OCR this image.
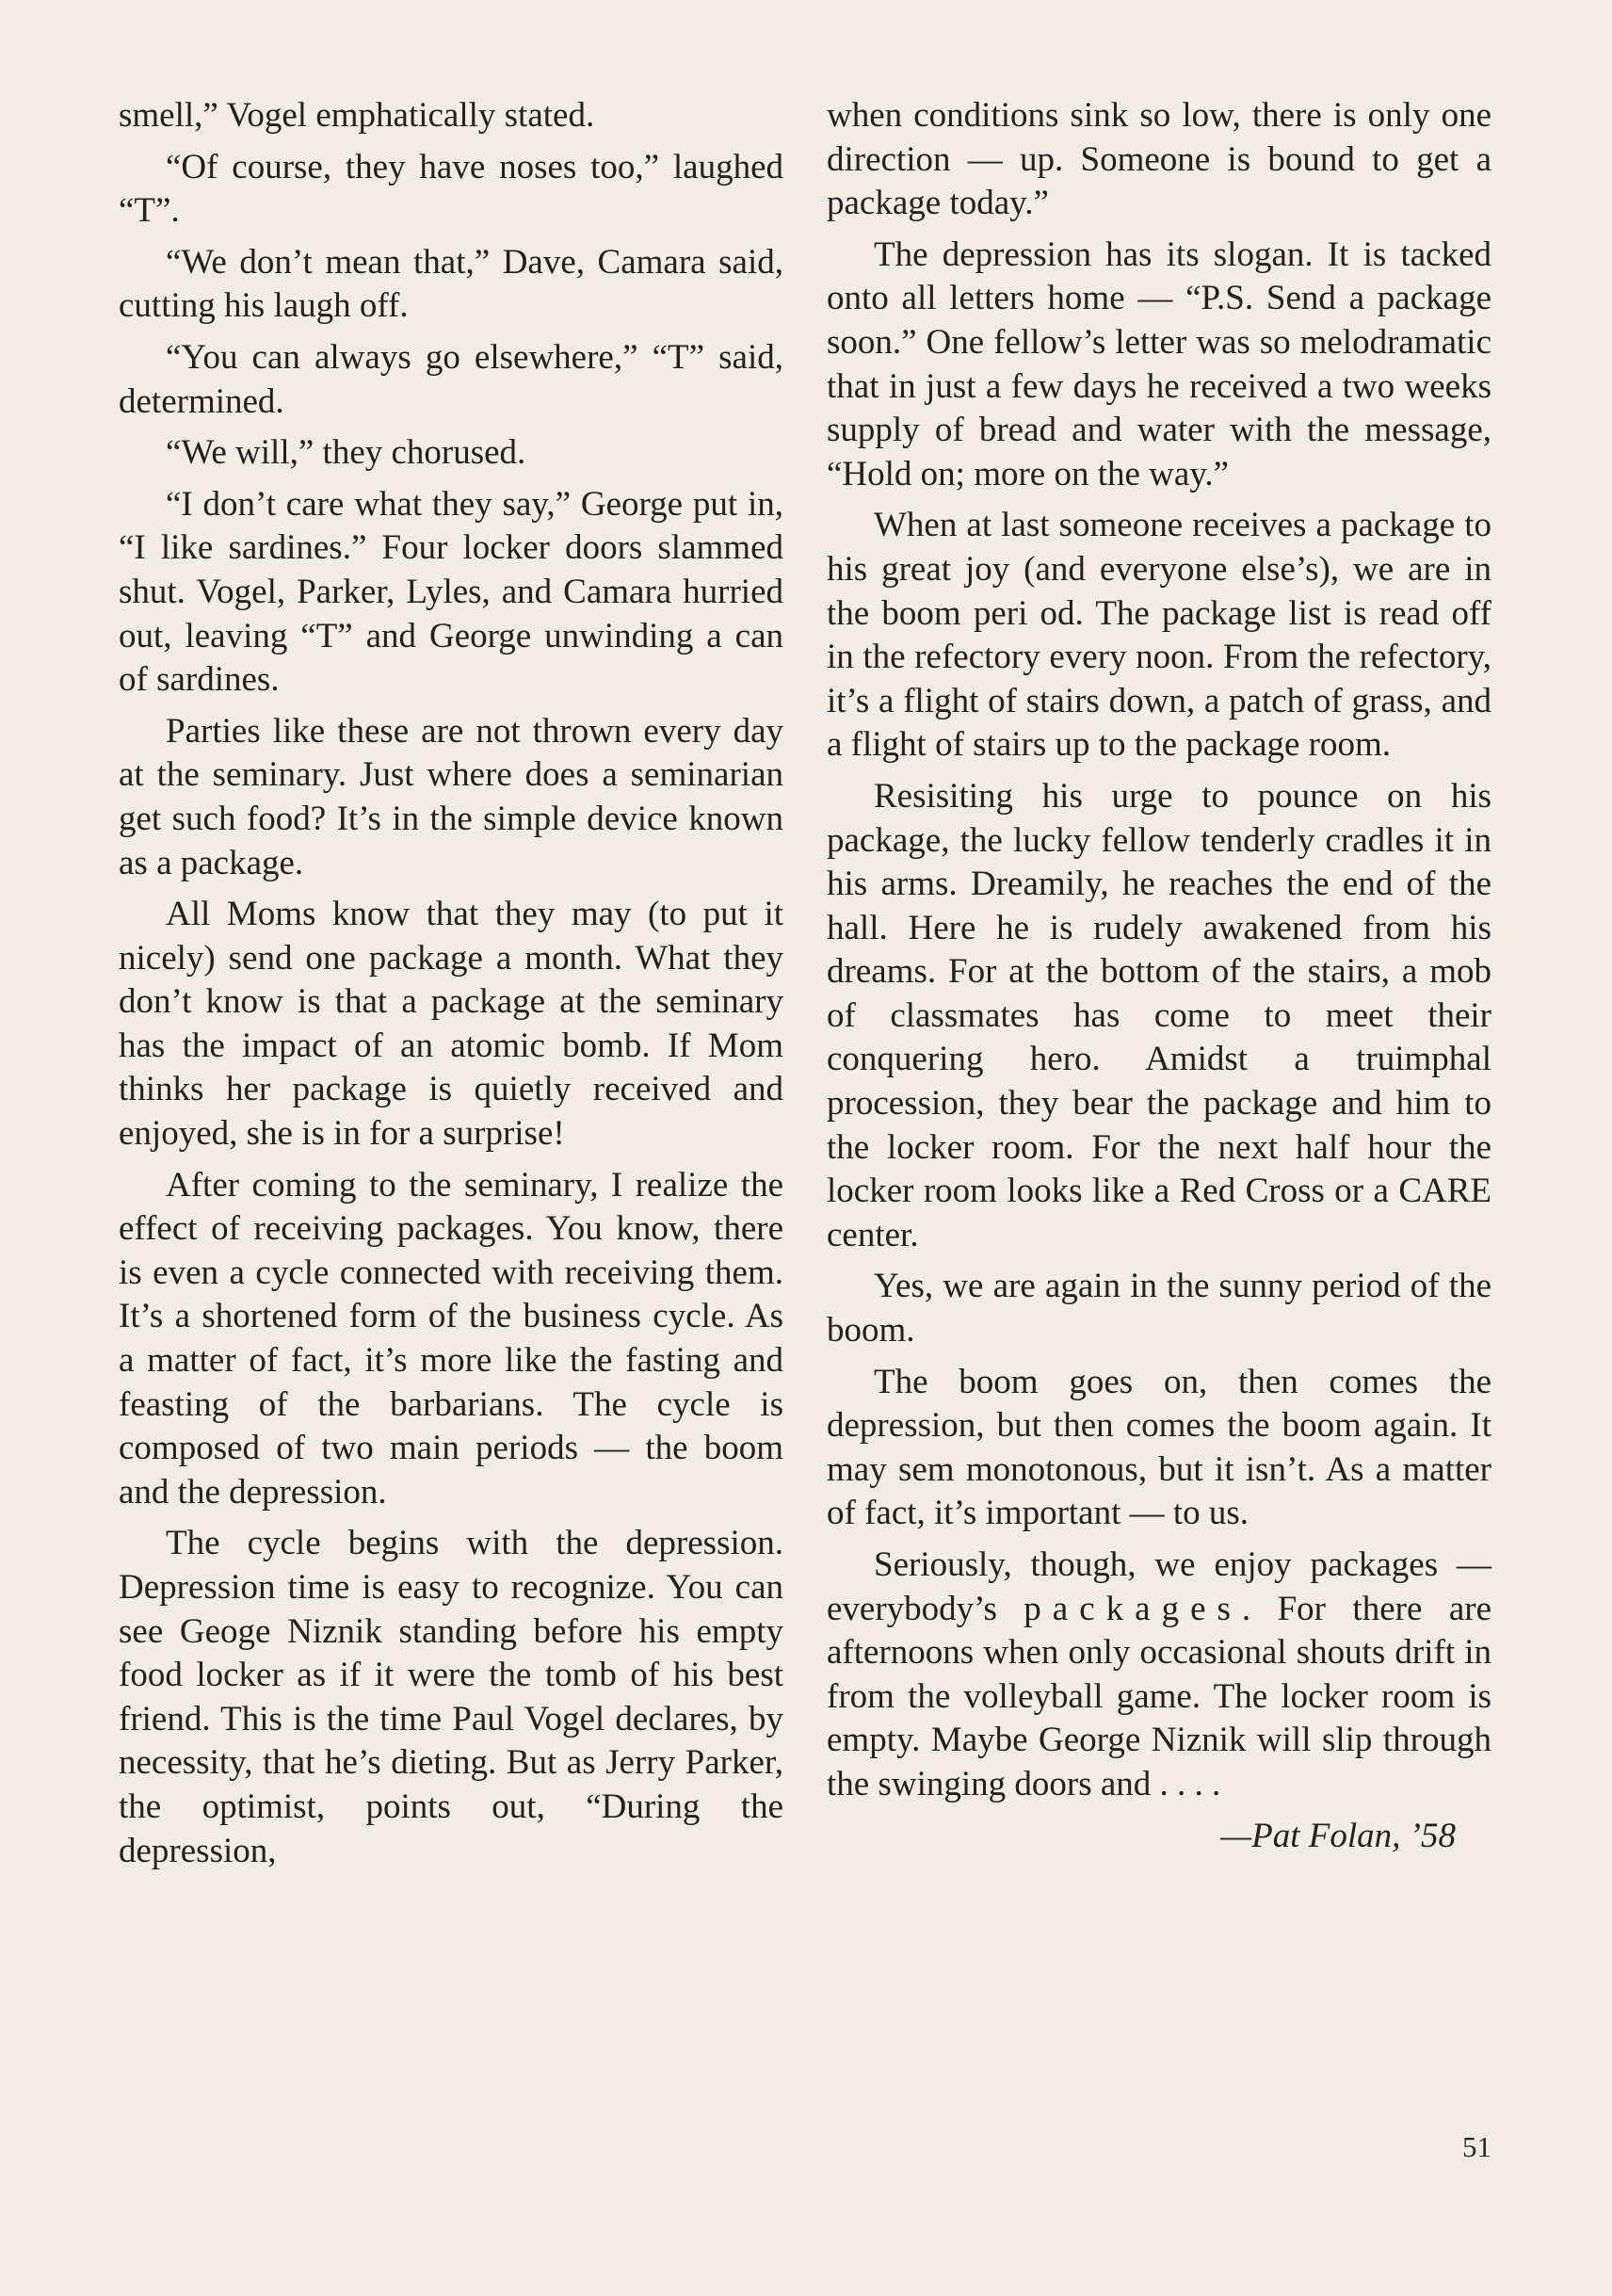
smell,” Vogel emphatically stated.

“Of course, they have noses too,” laughed “T”.

“We don’t mean that,” Dave, Camara said, cutting his laugh off.

“You can always go elsewhere,” “T” said, determined.

“We will,” they chorused.

“I don’t care what they say,” George put in, “I like sardines.” Four locker doors slammed shut. Vogel, Parker, Lyles, and Camara hurried out, leaving “T” and George unwinding a can of sardines.

Parties like these are not thrown every day at the seminary. Just where does a seminarian get such food? It’s in the simple device known as a package.

All Moms know that they may (to put it nicely) send one package a month. What they don’t know is that a package at the seminary has the impact of an atomic bomb. If Mom thinks her package is quietly received and enjoyed, she is in for a surprise!

After coming to the seminary, I realize the effect of receiving packages. You know, there is even a cycle connected with receiving them. It’s a shortened form of the business cycle. As a matter of fact, it’s more like the fasting and feasting of the barbarians. The cycle is composed of two main periods — the boom and the depression.

The cycle begins with the depression. Depression time is easy to recognize. You can see Geoge Niznik standing before his empty food locker as if it were the tomb of his best friend. This is the time Paul Vogel declares, by necessity, that he’s dieting. But as Jerry Parker, the optimist, points out, “During the depression,

when conditions sink so low, there is only one direction — up. Someone is bound to get a package today.”

The depression has its slogan. It is tacked onto all letters home — “P.S. Send a package soon.” One fellow’s letter was so melodramatic that in just a few days he received a two weeks supply of bread and water with the message, “Hold on; more on the way.”

When at last someone receives a package to his great joy (and everyone else’s), we are in the boom peri od. The package list is read off in the refectory every noon. From the refectory, it’s a flight of stairs down, a patch of grass, and a flight of stairs up to the package room.

Resisiting his urge to pounce on his package, the lucky fellow tenderly cradles it in his arms. Dreamily, he reaches the end of the hall. Here he is rudely awakened from his dreams. For at the bottom of the stairs, a mob of classmates has come to meet their conquering hero. Amidst a truimphal procession, they bear the package and him to the locker room. For the next half hour the locker room looks like a Red Cross or a CARE center.

Yes, we are again in the sunny period of the boom.

The boom goes on, then comes the depression, but then comes the boom again. It may sem monotonous, but it isn’t. As a matter of fact, it’s important — to us.

Seriously, though, we enjoy packages — everybody’s packages. For there are afternoons when only occasional shouts drift in from the volleyball game. The locker room is empty. Maybe George Niznik will slip through the swinging doors and . . . .

—Pat Folan, ’58
51
